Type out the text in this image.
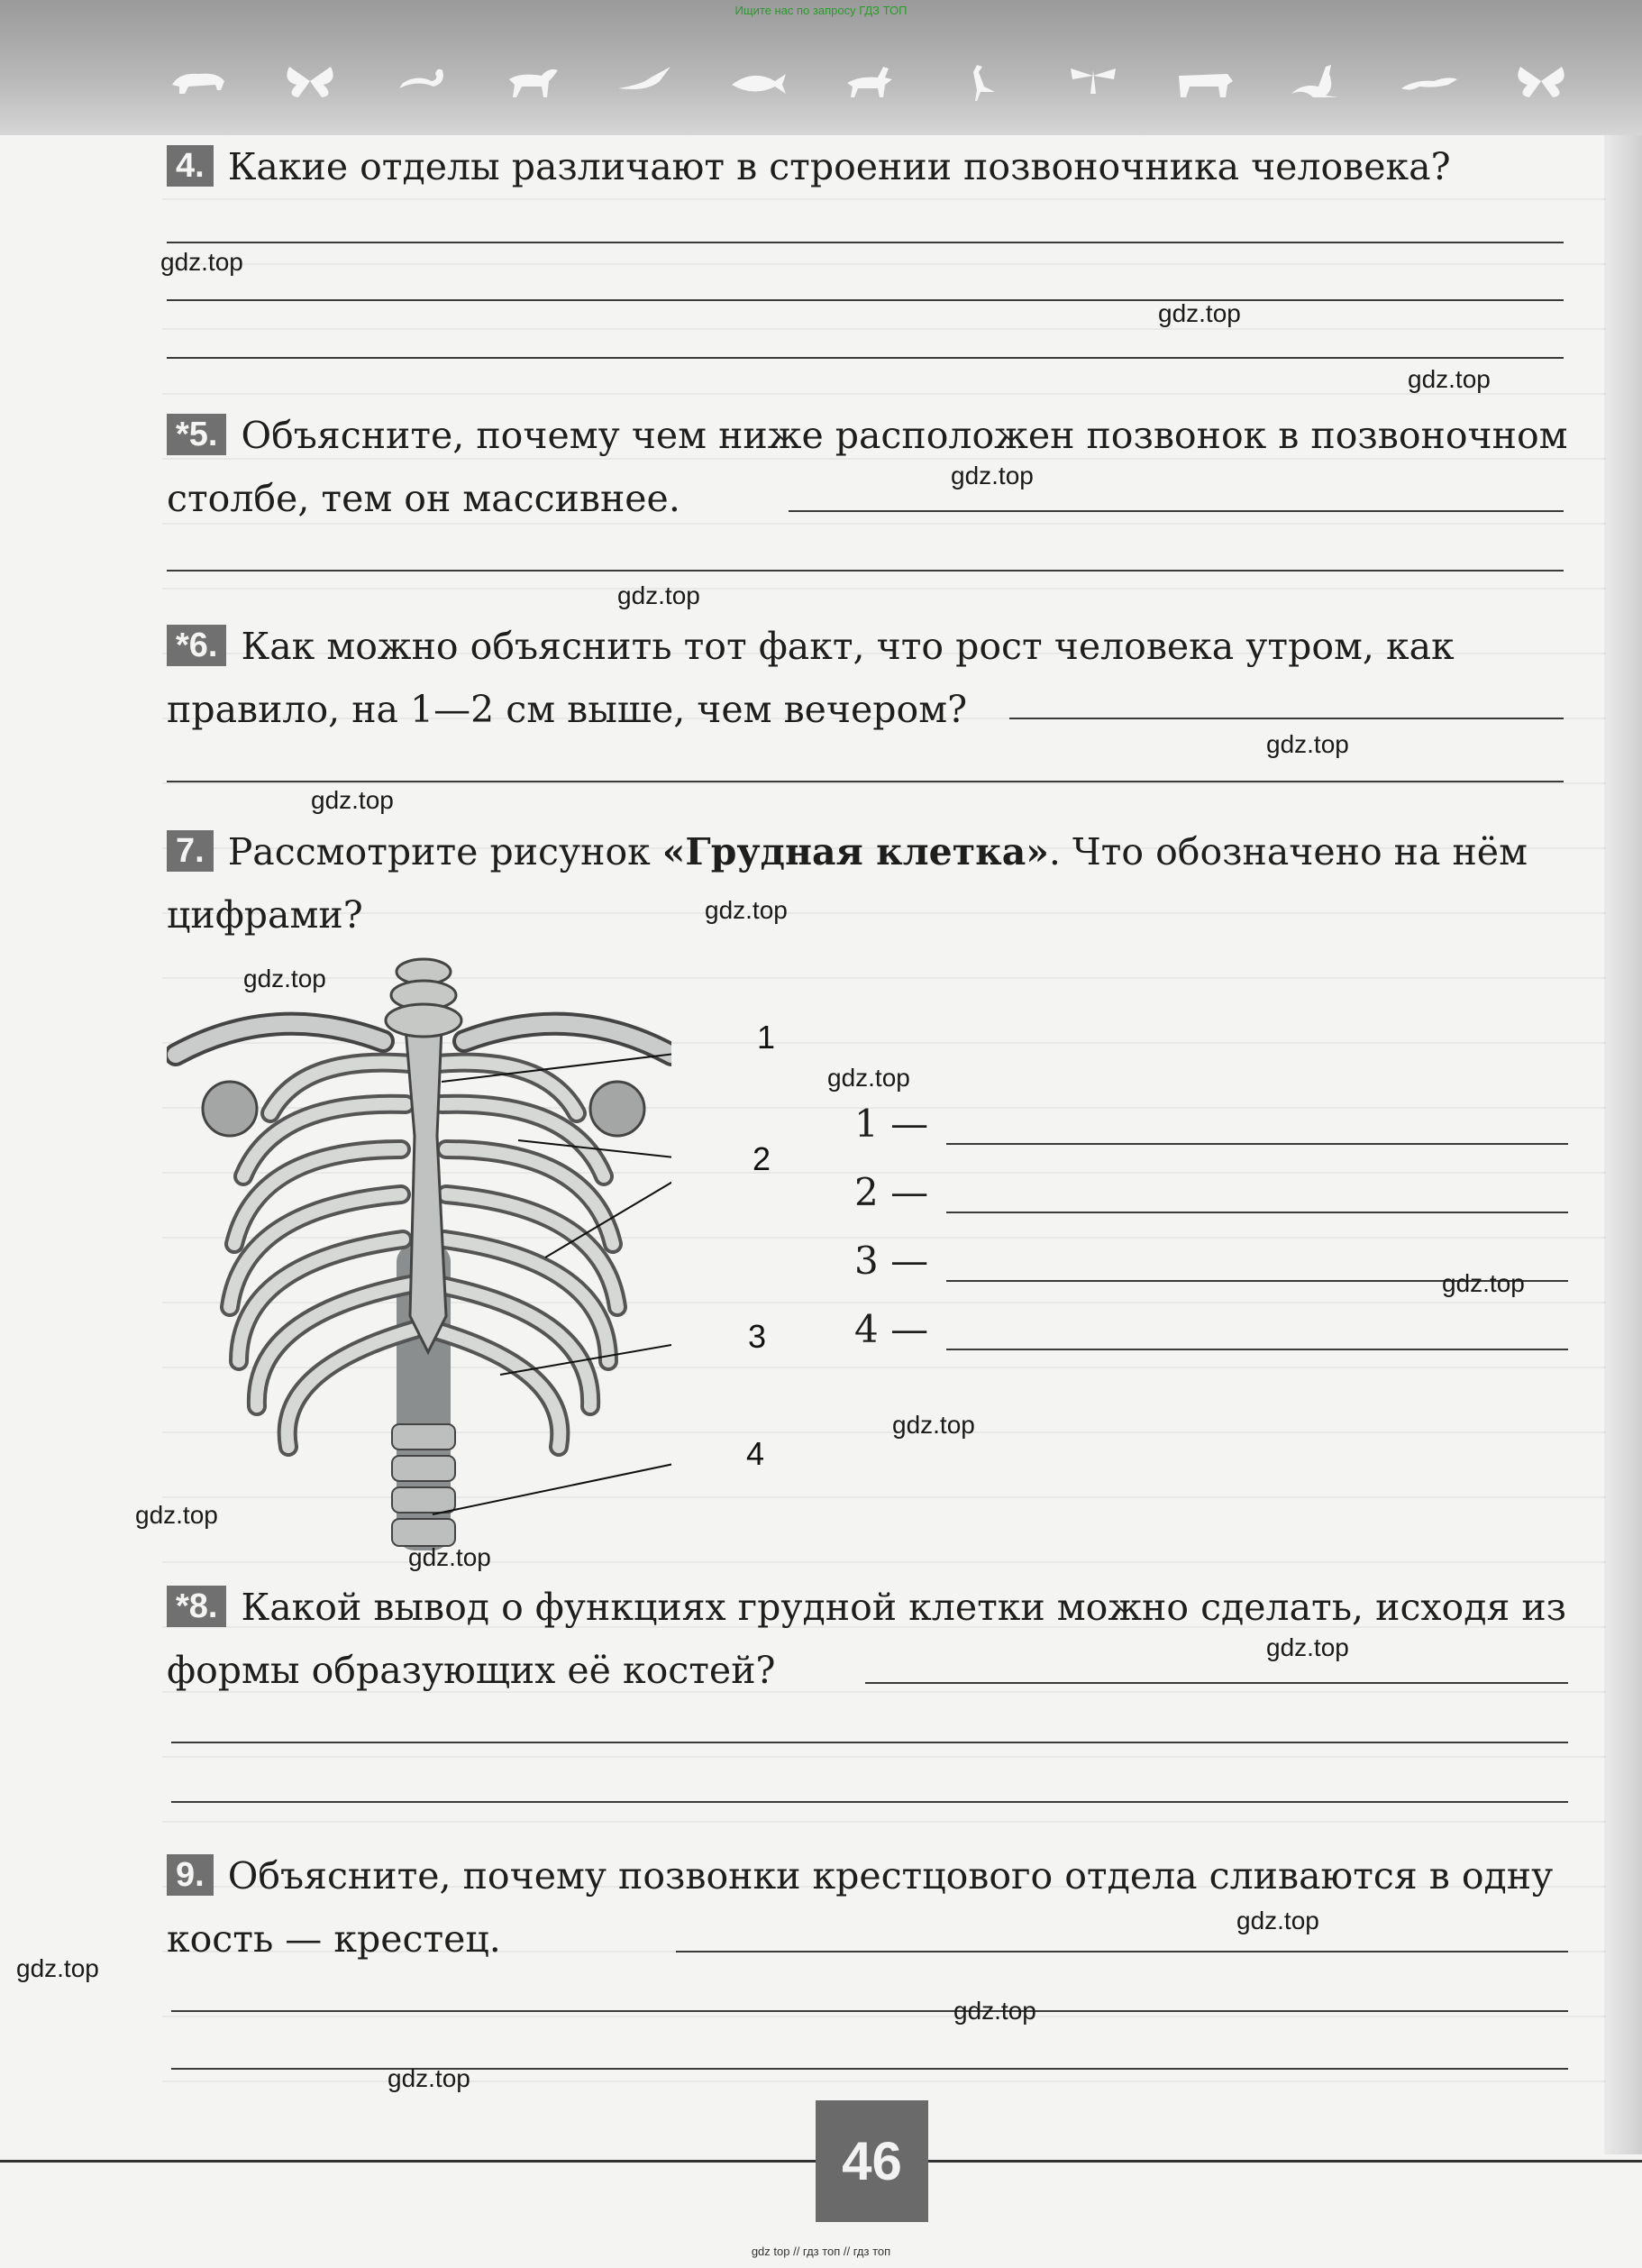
Ищите нас по запросу ГДЗ ТОП
4. Какие отделы различают в строении позвоночника человека?
*5. Объясните, почему чем ниже расположен позвонок в позвоночном столбе, тем он массивнее.
*6. Как можно объяснить тот факт, что рост человека утром, как правило, на 1—2 см выше, чем вечером?
7. Рассмотрите рисунок «Грудная клетка». Что обозначено на нём цифрами?
1
2
3
4
1 —
2 —
3 —
4 —
*8. Какой вывод о функциях грудной клетки можно сделать, исходя из формы образующих её костей?
9. Объясните, почему позвонки крестцового отдела сливаются в одну кость — крестец.
gdz.top
gdz.top
gdz.top
gdz.top
gdz.top
gdz.top
gdz.top
gdz.top
gdz.top
gdz.top
gdz.top
gdz.top
gdz.top
gdz.top
gdz.top
gdz.top
gdz.top
gdz.top
gdz.top
46
gdz top // гдз топ // гдз топ
